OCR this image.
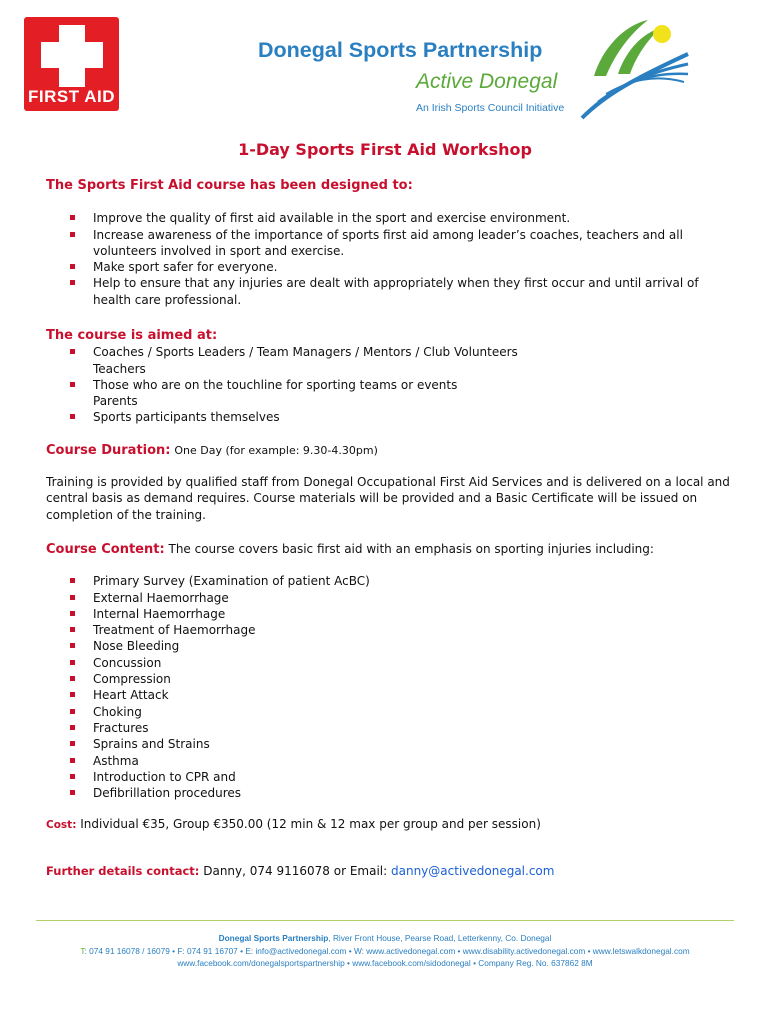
FIRST AID
Donegal Sports Partnership
Active Donegal
An Irish Sports Council Initiative
1-Day Sports First Aid Workshop
The Sports First Aid course has been designed to:
Improve the quality of first aid available in the sport and exercise environment.
Increase awareness of the importance of sports first aid among leader’s coaches, teachers and all volunteers involved in sport and exercise.
Make sport safer for everyone.
Help to ensure that any injuries are dealt with appropriately when they first occur and until arrival of health care professional.
The course is aimed at:
Coaches / Sports Leaders / Team Managers / Mentors / Club Volunteers
Teachers
Those who are on the touchline for sporting teams or events
Parents
Sports participants themselves
Course Duration: One Day (for example: 9.30-4.30pm)
Training is provided by qualified staff from Donegal Occupational First Aid Services and is delivered on a local and central basis as demand requires. Course materials will be provided and a Basic Certificate will be issued on completion of the training.
Course Content: The course covers basic first aid with an emphasis on sporting injuries including:
Primary Survey (Examination of patient AcBC)
External Haemorrhage
Internal Haemorrhage
Treatment of Haemorrhage
Nose Bleeding
Concussion
Compression
Heart Attack
Choking
Fractures
Sprains and Strains
Asthma
Introduction to CPR and
Defibrillation procedures
Cost: Individual €35, Group €350.00 (12 min & 12 max per group and per session)
Further details contact: Danny, 074 9116078 or Email: danny@activedonegal.com
Donegal Sports Partnership, River Front House, Pearse Road, Letterkenny, Co. Donegal
T: 074 91 16078 / 16079 • F: 074 91 16707 • E: info@activedonegal.com • W: www.activedonegal.com • www.disability.activedonegal.com • www.letswalkdonegal.com
www.facebook.com/donegalsportspartnership • www.facebook.com/sidodonegal • Company Reg. No. 637862 8M
